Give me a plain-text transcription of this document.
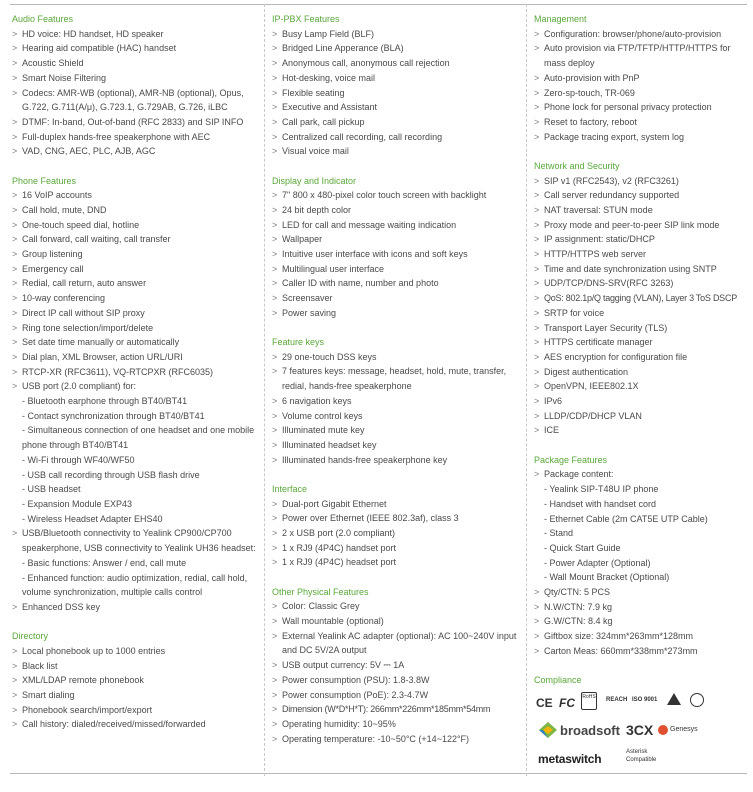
Audio Features
> HD voice: HD handset, HD speaker
> Hearing aid compatible (HAC) handset
> Acoustic Shield
> Smart Noise Filtering
> Codecs: AMR-WB (optional), AMR-NB (optional), Opus, G.722, G.711(A/μ), G.723.1, G.729AB, G.726, iLBC
> DTMF: In-band, Out-of-band (RFC 2833) and SIP INFO
> Full-duplex hands-free speakerphone with AEC
> VAD, CNG, AEC, PLC, AJB, AGC
Phone Features
> 16 VoIP accounts
> Call hold, mute, DND
> One-touch speed dial, hotline
> Call forward, call waiting, call transfer
> Group listening
> Emergency call
> Redial, call return, auto answer
> 10-way conferencing
> Direct IP call without SIP proxy
> Ring tone selection/import/delete
> Set date time manually or automatically
> Dial plan, XML Browser, action URL/URI
> RTCP-XR (RFC3611), VQ-RTCPXR (RFC6035)
> USB port (2.0 compliant) for:
- Bluetooth earphone through BT40/BT41
- Contact synchronization through BT40/BT41
- Simultaneous connection of one headset and one mobile phone through BT40/BT41
- Wi-Fi through WF40/WF50
- USB call recording through USB flash drive
- USB headset
- Expansion Module EXP43
- Wireless Headset Adapter EHS40
> USB/Bluetooth connectivity to Yealink CP900/CP700 speakerphone, USB connectivity to Yealink UH36 headset:
- Basic functions: Answer / end, call mute
- Enhanced function: audio optimization, redial, call hold, volume synchronization, multiple calls control
> Enhanced DSS key
Directory
> Local phonebook up to 1000 entries
> Black list
> XML/LDAP remote phonebook
> Smart dialing
> Phonebook search/import/export
> Call history: dialed/received/missed/forwarded
IP-PBX Features
> Busy Lamp Field (BLF)
> Bridged Line Apperance (BLA)
> Anonymous call, anonymous call rejection
> Hot-desking, voice mail
> Flexible seating
> Executive and Assistant
> Call park, call pickup
> Centralized call recording, call recording
> Visual voice mail
Display and Indicator
> 7" 800 x 480-pixel color touch screen with backlight
> 24 bit depth color
> LED for call and message waiting indication
> Wallpaper
> Intuitive user interface with icons and soft keys
> Multilingual user interface
> Caller ID with name, number and photo
> Screensaver
> Power saving
Feature keys
> 29 one-touch DSS keys
> 7 features keys: message, headset, hold, mute, transfer, redial, hands-free speakerphone
> 6 navigation keys
> Volume control keys
> Illuminated mute key
> Illuminated headset key
> Illuminated hands-free speakerphone key
Interface
> Dual-port Gigabit Ethernet
> Power over Ethernet (IEEE 802.3af), class 3
> 2 x USB port (2.0 compliant)
> 1 x RJ9 (4P4C) handset port
> 1 x RJ9 (4P4C) headset port
Other Physical Features
> Color: Classic Grey
> Wall mountable (optional)
> External Yealink AC adapter (optional): AC 100~240V input and DC 5V/2A output
> USB output currency: 5V ⎓ 1A
> Power consumption (PSU): 1.8-3.8W
> Power consumption (PoE): 2.3-4.7W
> Dimension (W*D*H*T): 266mm*226mm*185mm*54mm
> Operating humidity: 10~95%
> Operating temperature: -10~50°C (+14~122°F)
Management
> Configuration: browser/phone/auto-provision
> Auto provision via FTP/TFTP/HTTP/HTTPS for mass deploy
> Auto-provision with PnP
> Zero-sp-touch, TR-069
> Phone lock for personal privacy protection
> Reset to factory, reboot
> Package tracing export, system log
Network and Security
> SIP v1 (RFC2543), v2 (RFC3261)
> Call server redundancy supported
> NAT traversal: STUN mode
> Proxy mode and peer-to-peer SIP link mode
> IP assignment: static/DHCP
> HTTP/HTTPS web server
> Time and date synchronization using SNTP
> UDP/TCP/DNS-SRV(RFC 3263)
> QoS: 802.1p/Q tagging (VLAN), Layer 3 ToS DSCP
> SRTP for voice
> Transport Layer Security (TLS)
> HTTPS certificate manager
> AES encryption for configuration file
> Digest authentication
> OpenVPN, IEEE802.1X
> IPv6
> LLDP/CDP/DHCP VLAN
> ICE
Package Features
> Package content:
- Yealink SIP-T48U IP phone
- Handset with handset cord
- Ethernet Cable (2m CAT5E UTP Cable)
- Stand
- Quick Start Guide
- Power Adapter (Optional)
- Wall Mount Bracket (Optional)
> Qty/CTN: 5 PCS
> N.W/CTN: 7.9 kg
> G.W/CTN: 8.4 kg
> Giftbox size: 324mm*263mm*128mm
> Carton Meas: 660mm*338mm*273mm
Compliance
CE FC RoHS REACH ISO 9001
broadsoft 3CX Genesys
metaswitch	Asterisk
Compatible
